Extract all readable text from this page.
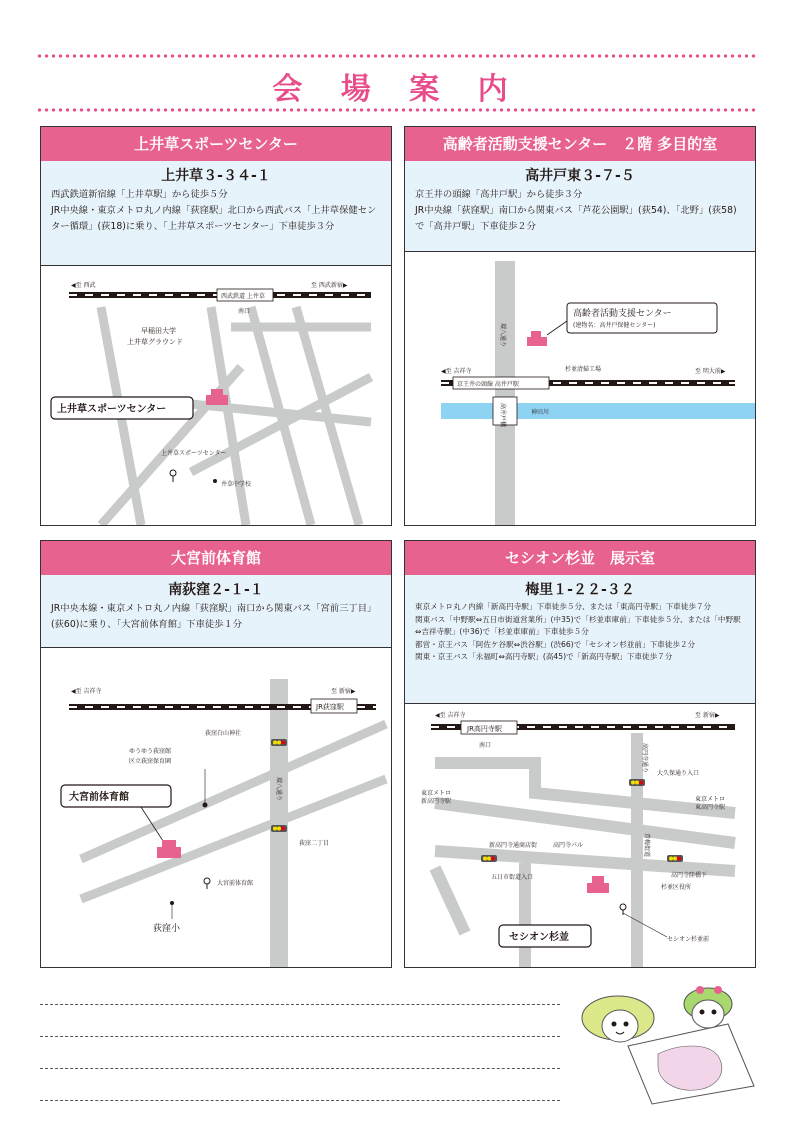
会 場 案 内
上井草スポーツセンター
上井草３-３４-１
西武鉄道新宿線「上井草駅」から徒歩５分
JR中央線・東京メトロ丸ノ内線「荻窪駅」北口から西武バス「上井草保健センター循環」(荻18)に乗り、「上井草スポーツセンター」下車徒歩３分
◀至 西武	至 西武新宿▶
西武鉄道 上井草
南口
早稲田大学
上井草グラウンド
上井草スポーツセンター
上井草スポーツセンター
井草中学校
高齢者活動支援センター　２階 多目的室
高井戸東３-７-５
京王井の頭線「高井戸駅」から徒歩３分
JR中央線「荻窪駅」南口から関東バス「芦花公園駅」(荻54)、「北野」(荻58)で「高井戸駅」下車徒歩２分
環八通り
高齢者活動支援センター
(建物名：高井戸保健センター)
◀至 吉祥寺	至 明大前▶
杉並清掃工場
京王井の頭線 高井戸駅
高井戸橋	神田川
大宮前体育館
南荻窪２-１-１
JR中央本線・東京メトロ丸ノ内線「荻窪駅」南口から関東バス「宮前三丁目」(荻60)に乗り、「大宮前体育館」下車徒歩１分
◀至 吉祥寺	至 新宿▶
JR荻窪駅
荻窪白山神社
ゆうゆう荻窪館
区立荻窪保育園
大宮前体育館	環八通り
荻窪二丁目
大宮前体育館
荻窪小
セシオン杉並　展示室
梅里１-２２-３２
東京メトロ丸ノ内線「新高円寺駅」下車徒歩５分、または「東高円寺駅」下車徒歩７分
関東バス「中野駅⇔五日市街道営業所」(中35)で「杉並車庫前」下車徒歩５分、または「中野駅⇔吉祥寺駅」(中36)で「杉並車庫前」下車徒歩５分
都営・京王バス「阿佐ケ谷駅⇔渋谷駅」(渋66)で「セシオン杉並前」下車徒歩２分
関東・京王バス「永福町⇔高円寺駅」(高45)で「新高円寺駅」下車徒歩７分
◀至 吉祥寺	至 新宿▶
JR高円寺駅
南口	高円寺通り
大久保通り入口
東京メトロ
新高円寺駅	東京メトロ
東高円寺駅
新高円寺通商店街	高円寺パル	青梅街道
五日市街道入口	高円寺陸橋下
杉並区役所
セシオン杉並前
セシオン杉並
